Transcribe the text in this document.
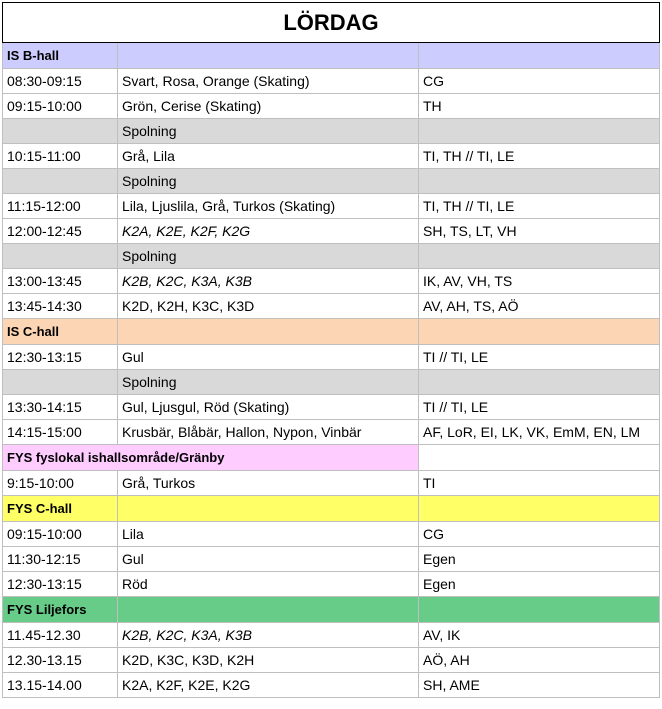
LÖRDAG		
IS B-hall		
08:30-09:15	Svart, Rosa, Orange (Skating)	CG
09:15-10:00	Grön, Cerise (Skating)	TH
	Spolning	
10:15-11:00	Grå, Lila	TI, TH // TI, LE
	Spolning	
11:15-12:00	Lila, Ljuslila, Grå, Turkos (Skating)	TI, TH // TI, LE
12:00-12:45	K2A, K2E, K2F, K2G	SH, TS, LT, VH
	Spolning	
13:00-13:45	K2B, K2C, K3A, K3B	IK, AV, VH, TS
13:45-14:30	K2D, K2H, K3C, K3D	AV, AH, TS, AÖ
IS C-hall		
12:30-13:15	Gul	TI // TI, LE
	Spolning	
13:30-14:15	Gul, Ljusgul, Röd (Skating)	TI // TI, LE
14:15-15:00	Krusbär, Blåbär, Hallon, Nypon, Vinbär	AF, LoR, EI, LK, VK, EmM, EN, LM
FYS fyslokal ishallsområde/Gränby		
9:15-10:00	Grå, Turkos	TI
FYS C-hall		
09:15-10:00	Lila	CG
11:30-12:15	Gul	Egen
12:30-13:15	Röd	Egen
FYS Liljefors		
11.45-12.30	K2B, K2C, K3A, K3B	AV, IK
12.30-13.15	K2D, K3C, K3D, K2H	AÖ, AH
13.15-14.00	K2A, K2F, K2E, K2G	SH, AME
